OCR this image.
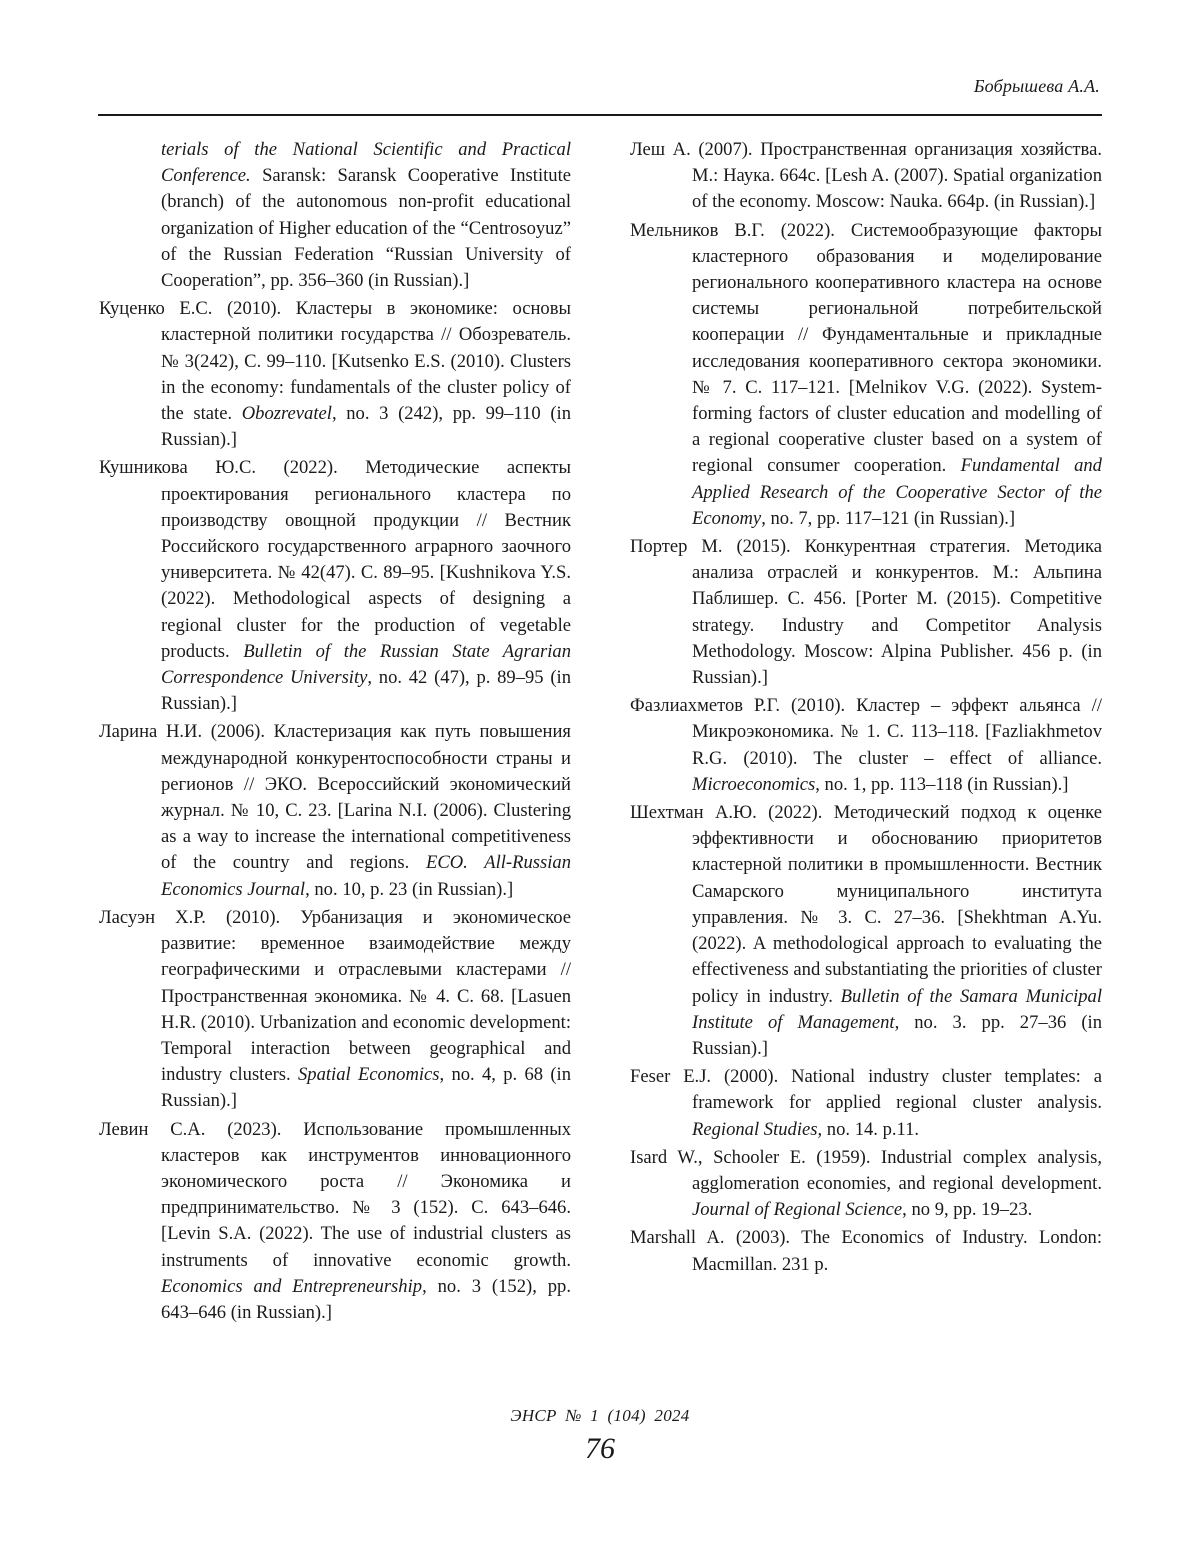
Бобрышева А.А.

terials of the National Scientific and Practical Conference. Saransk: Saransk Cooperative Institute (branch) of the autonomous non-profit educational organization of Higher education of the “Centrosoyuz” of the Russian Federation “Russian University of Cooperation”, pp. 356–360 (in Russian).]

Куценко Е.С. (2010). Кластеры в экономике: основы кластерной политики государства // Обозреватель. № 3(242), С. 99–110. [Kutsenko E.S. (2010). Clusters in the economy: fundamentals of the cluster policy of the state. Obozrevatel, no. 3 (242), pp. 99–110 (in Russian).]

Кушникова Ю.С. (2022). Методические аспекты проектирования регионального кластера по производству овощной продукции // Вестник Российского государственного аграрного заочного университета. № 42(47). С. 89–95. [Kushnikova Y.S. (2022). Methodological aspects of designing a regional cluster for the production of vegetable products. Bulletin of the Russian State Agrarian Correspondence University, no. 42 (47), p. 89–95 (in Russian).]

Ларина Н.И. (2006). Кластеризация как путь повышения международной конкурентоспособности страны и регионов // ЭКО. Всероссийский экономический журнал. № 10, С. 23. [Larina N.I. (2006). Clustering as a way to increase the international competitiveness of the country and regions. ECO. All-Russian Economics Journal, no. 10, p. 23 (in Russian).]

Ласуэн Х.Р. (2010). Урбанизация и экономическое развитие: временное взаимодействие между географическими и отраслевыми кластерами // Пространственная экономика. № 4. С. 68. [Lasuen H.R. (2010). Urbanization and economic development: Temporal interaction between geographical and industry clusters. Spatial Economics, no. 4, p. 68 (in Russian).]

Левин С.А. (2023). Использование промышленных кластеров как инструментов инновационного экономического роста // Экономика и предпринимательство. № 3 (152). С. 643–646. [Levin S.A. (2022). The use of industrial clusters as instruments of innovative economic growth. Economics and Entrepreneurship, no. 3 (152), pp. 643–646 (in Russian).]

Леш А. (2007). Пространственная организация хозяйства. М.: Наука. 664с. [Lesh A. (2007). Spatial organization of the economy. Moscow: Nauka. 664p. (in Russian).]

Мельников В.Г. (2022). Системообразующие факторы кластерного образования и моделирование регионального кооперативного кластера на основе системы региональной потребительской кооперации // Фундаментальные и прикладные исследования кооперативного сектора экономики. № 7. С. 117–121. [Melnikov V.G. (2022). System-forming factors of cluster education and modelling of a regional cooperative cluster based on a system of regional consumer cooperation. Fundamental and Applied Research of the Cooperative Sector of the Economy, no. 7, pp. 117–121 (in Russian).]

Портер М. (2015). Конкурентная стратегия. Методика анализа отраслей и конкурентов. М.: Альпина Паблишер. С. 456. [Porter M. (2015). Competitive strategy. Industry and Competitor Analysis Methodology. Moscow: Alpina Publisher. 456 p. (in Russian).]

Фазлиахметов Р.Г. (2010). Кластер – эффект альянса // Микроэкономика. № 1. С. 113–118. [Fazliakhmetov R.G. (2010). The cluster – effect of alliance. Microeconomics, no. 1, pp. 113–118 (in Russian).]

Шехтман А.Ю. (2022). Методический подход к оценке эффективности и обоснованию приоритетов кластерной политики в промышленности. Вестник Самарского муниципального института управления. № 3. С. 27–36. [Shekhtman A.Yu. (2022). A methodological approach to evaluating the effectiveness and substantiating the priorities of cluster policy in industry. Bulletin of the Samara Municipal Institute of Management, no. 3. pp. 27–36 (in Russian).]

Feser E.J. (2000). National industry cluster templates: a framework for applied regional cluster analysis. Regional Studies, no. 14. p.11.

Isard W., Schooler E. (1959). Industrial complex analysis, agglomeration economies, and regional development. Journal of Regional Science, no 9, pp. 19–23.

Marshall A. (2003). The Economics of Industry. London: Macmillan. 231 p.

ЭНСР № 1 (104) 2024
76
